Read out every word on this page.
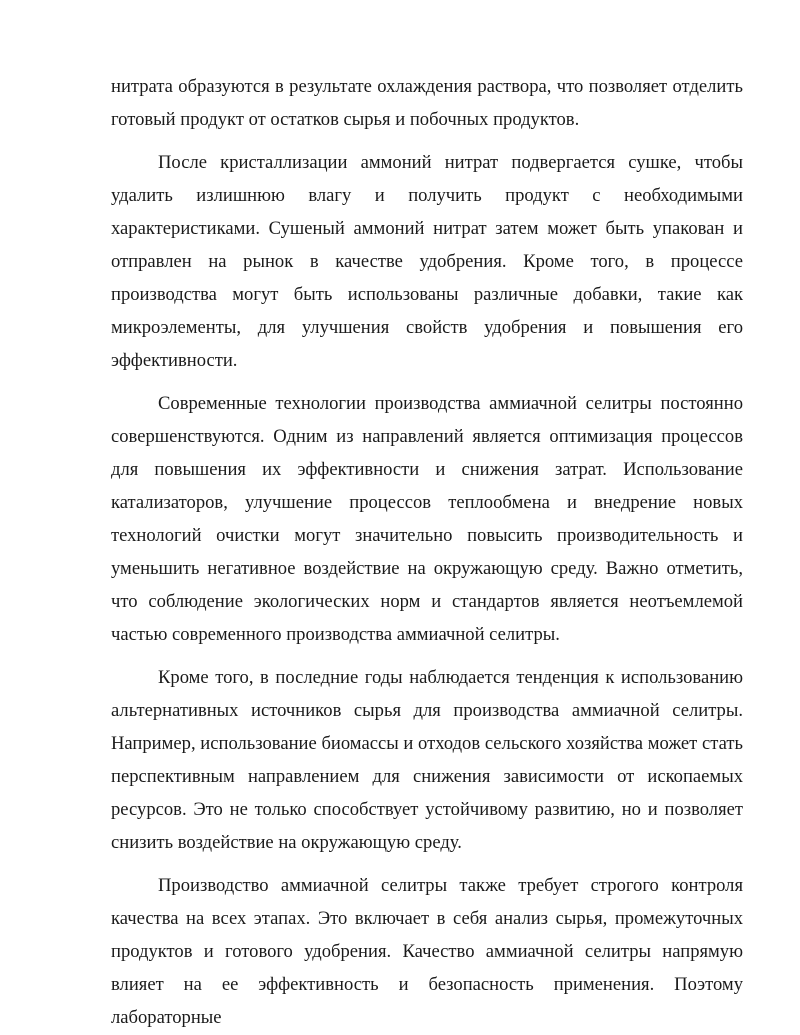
нитрата образуются в результате охлаждения раствора, что позволяет отделить готовый продукт от остатков сырья и побочных продуктов.

После кристаллизации аммоний нитрат подвергается сушке, чтобы удалить излишнюю влагу и получить продукт с необходимыми характеристиками. Сушеный аммоний нитрат затем может быть упакован и отправлен на рынок в качестве удобрения. Кроме того, в процессе производства могут быть использованы различные добавки, такие как микроэлементы, для улучшения свойств удобрения и повышения его эффективности.

Современные технологии производства аммиачной селитры постоянно совершенствуются. Одним из направлений является оптимизация процессов для повышения их эффективности и снижения затрат. Использование катализаторов, улучшение процессов теплообмена и внедрение новых технологий очистки могут значительно повысить производительность и уменьшить негативное воздействие на окружающую среду. Важно отметить, что соблюдение экологических норм и стандартов является неотъемлемой частью современного производства аммиачной селитры.

Кроме того, в последние годы наблюдается тенденция к использованию альтернативных источников сырья для производства аммиачной селитры. Например, использование биомассы и отходов сельского хозяйства может стать перспективным направлением для снижения зависимости от ископаемых ресурсов. Это не только способствует устойчивому развитию, но и позволяет снизить воздействие на окружающую среду.

Производство аммиачной селитры также требует строгого контроля качества на всех этапах. Это включает в себя анализ сырья, промежуточных продуктов и готового удобрения. Качество аммиачной селитры напрямую влияет на ее эффективность и безопасность применения. Поэтому лабораторные
